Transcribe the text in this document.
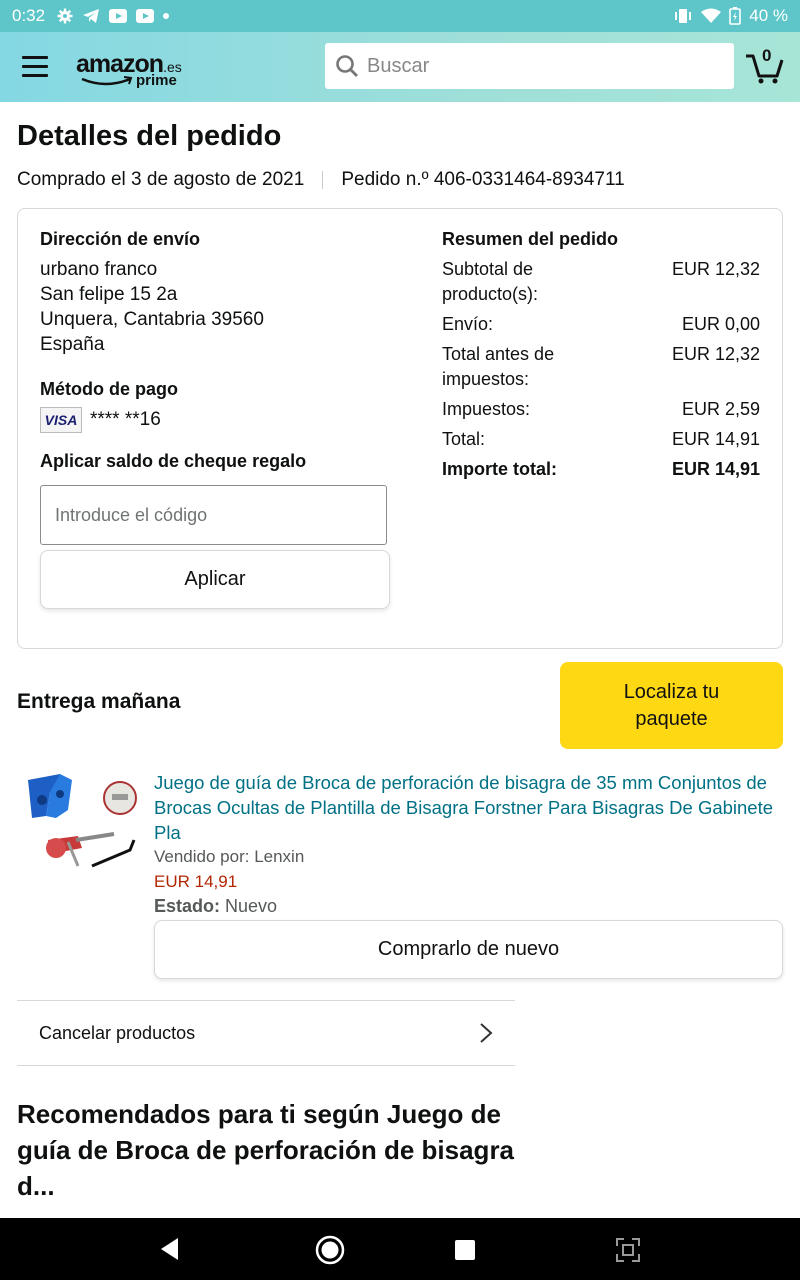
0:32	40 %
amazon.es
prime
Buscar
0
Detalles del pedido
Comprado el 3 de agosto de 2021 Pedido n.º 406-0331464-8934711
Dirección de envío
urbano franco
San felipe 15 2a
Unquera, Cantabria 39560
España
Método de pago
VISA **** **16
Aplicar saldo de cheque regalo
Introduce el código
Aplicar
Resumen del pedido
Subtotal de producto(s):
EUR 12,32
Envío:	EUR 0,00
Total antes de impuestos:
EUR 12,32
Impuestos:	EUR 2,59
Total:	EUR 14,91
Importe total:	EUR 14,91
Entrega mañana	Localiza tu paquete
Juego de guía de Broca de perforación de bisagra de 35 mm Conjuntos de Brocas Ocultas de Plantilla de Bisagra Forstner Para Bisagras De Gabinete Pla
Vendido por: Lenxin
EUR 14,91
Estado: Nuevo
Comprarlo de nuevo
Cancelar productos
Recomendados para ti según Juego de guía de Broca de perforación de bisagra d...
